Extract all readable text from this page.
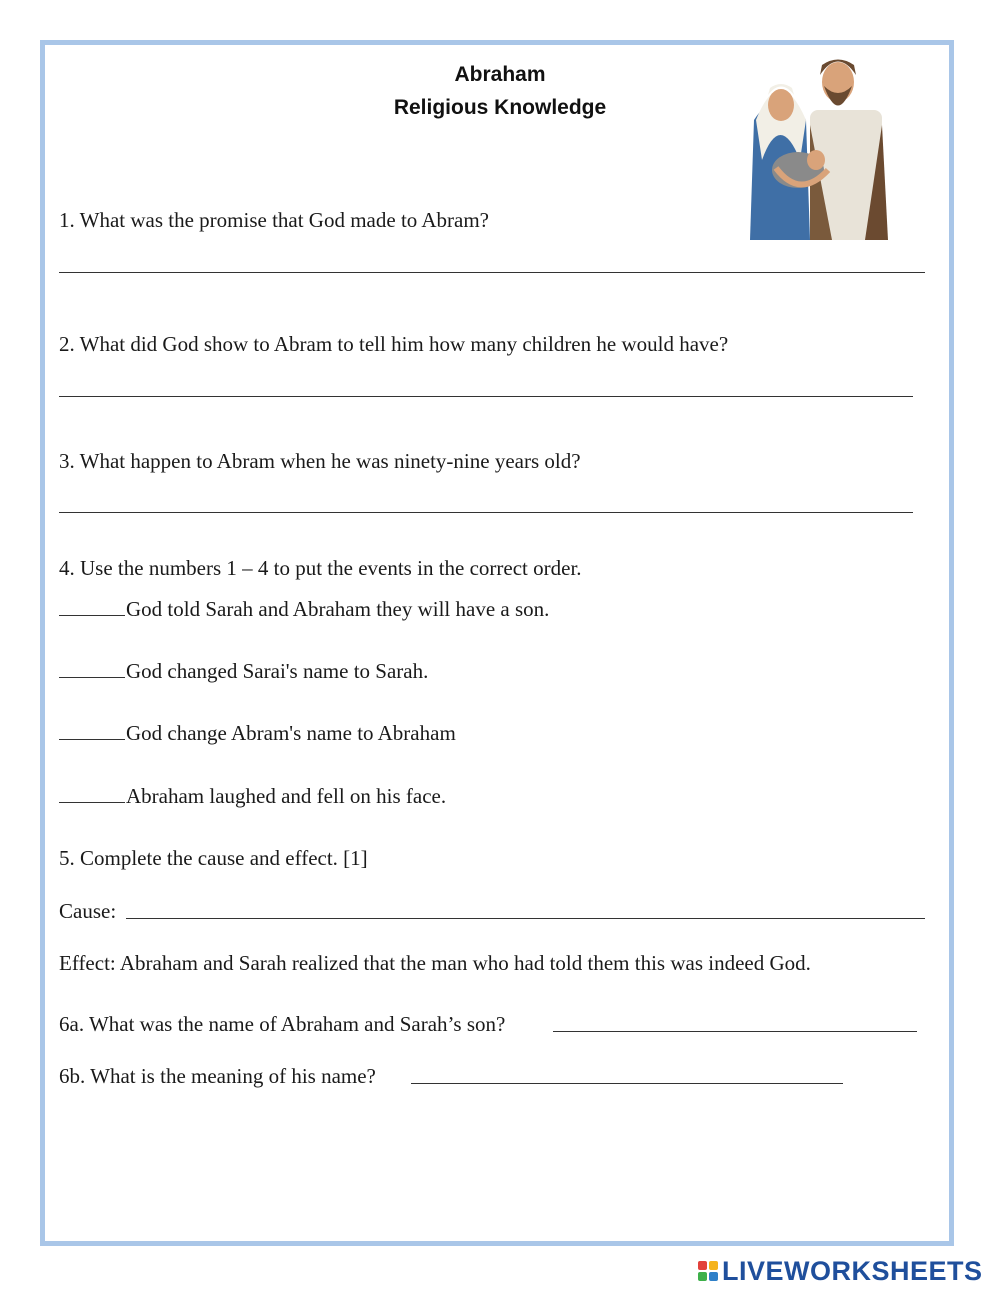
Abraham
Religious Knowledge
1. What was the promise that God made to Abram?
2. What did God show to Abram to tell him how many children he would have?
3. What happen to Abram when he was ninety-nine years old?
4. Use the numbers 1 – 4 to put the events in the correct order.
God told Sarah and Abraham they will have a son.
God changed Sarai's name to Sarah.
God change Abram's name to Abraham
Abraham laughed and fell on his face.
5. Complete the cause and effect. [1]
Cause:
Effect: Abraham and Sarah realized that the man who had told them this was indeed God.
6a. What was the name of Abraham and Sarah’s son?
6b. What is the meaning of his name?
LIVEWORKSHEETS
